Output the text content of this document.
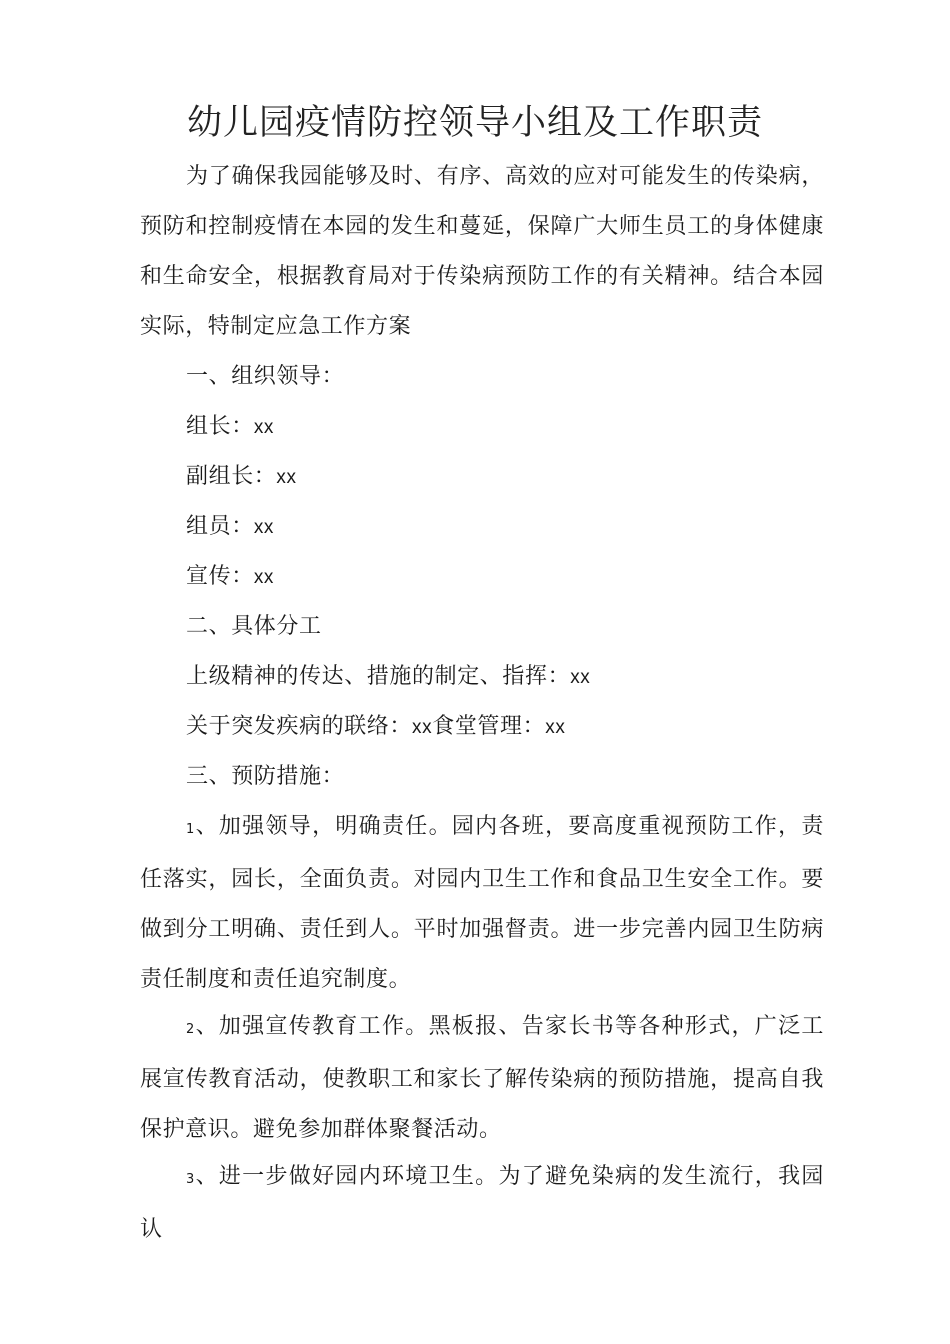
幼儿园疫情防控领导小组及工作职责
为了确保我园能够及时、有序、高效的应对可能发生的传染病，预防和控制疫情在本园的发生和蔓延，保障广大师生员工的身体健康和生命安全，根据教育局对于传染病预防工作的有关精神。结合本园实际，特制定应急工作方案
一、组织领导：
组长：xx
副组长：xx
组员：xx
宣传：xx
二、具体分工
上级精神的传达、措施的制定、指挥：xx
关于突发疾病的联络：xx食堂管理：xx
三、预防措施：
1、加强领导，明确责任。园内各班，要高度重视预防工作，责任落实，园长，全面负责。对园内卫生工作和食品卫生安全工作。要做到分工明确、责任到人。平时加强督责。进一步完善内园卫生防病责任制度和责任追究制度。
2、加强宣传教育工作。黑板报、告家长书等各种形式，广泛工展宣传教育活动，使教职工和家长了解传染病的预防措施，提高自我保护意识。避免参加群体聚餐活动。
3、进一步做好园内环境卫生。为了避免染病的发生流行，我园认
